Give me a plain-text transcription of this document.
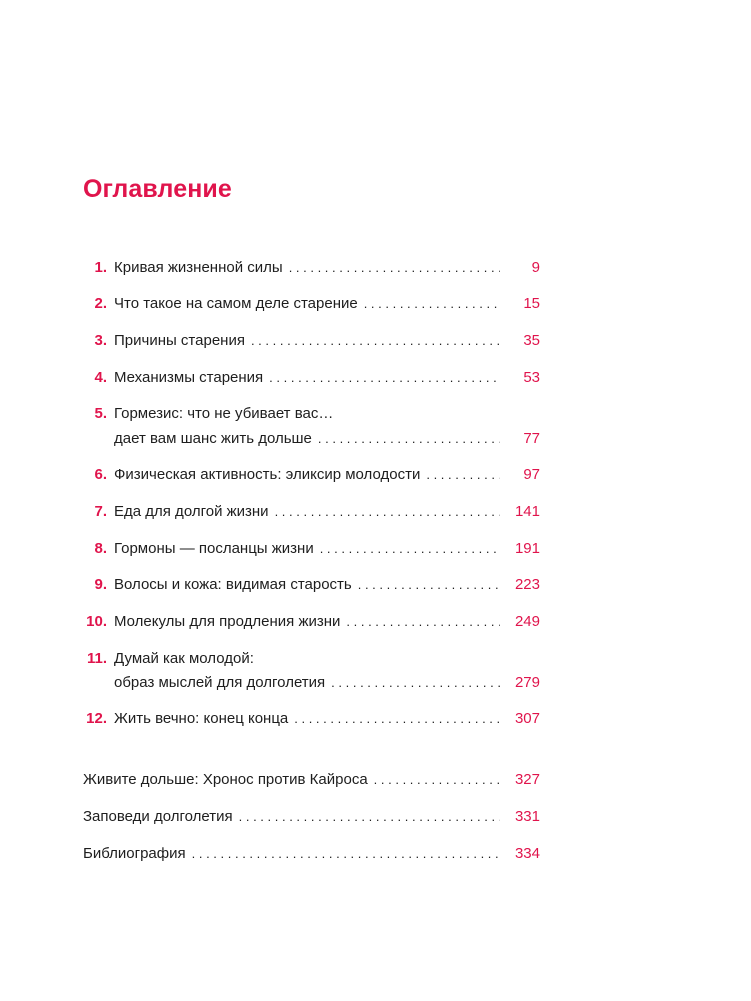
Оглавление
1. Кривая жизненной силы . . .	9
2. Что такое на самом деле старение . . .	15
3. Причины старения . . .	35
4. Механизмы старения . . .	53
5. Гормезис: что не убивает вас…
дает вам шанс жить дольше . . .	77
6. Физическая активность: эликсир молодости . . .	97
7. Еда для долгой жизни . . .	141
8. Гормоны — посланцы жизни . . .	191
9. Волосы и кожа: видимая старость . . .	223
10. Молекулы для продления жизни . . .	249
11. Думай как молодой:
образ мыслей для долголетия . . .	279
12. Жить вечно: конец конца . . .	307
Живите дольше: Хронос против Кайроса . . .	327
Заповеди долголетия . . .	331
Библиография . . .	334
